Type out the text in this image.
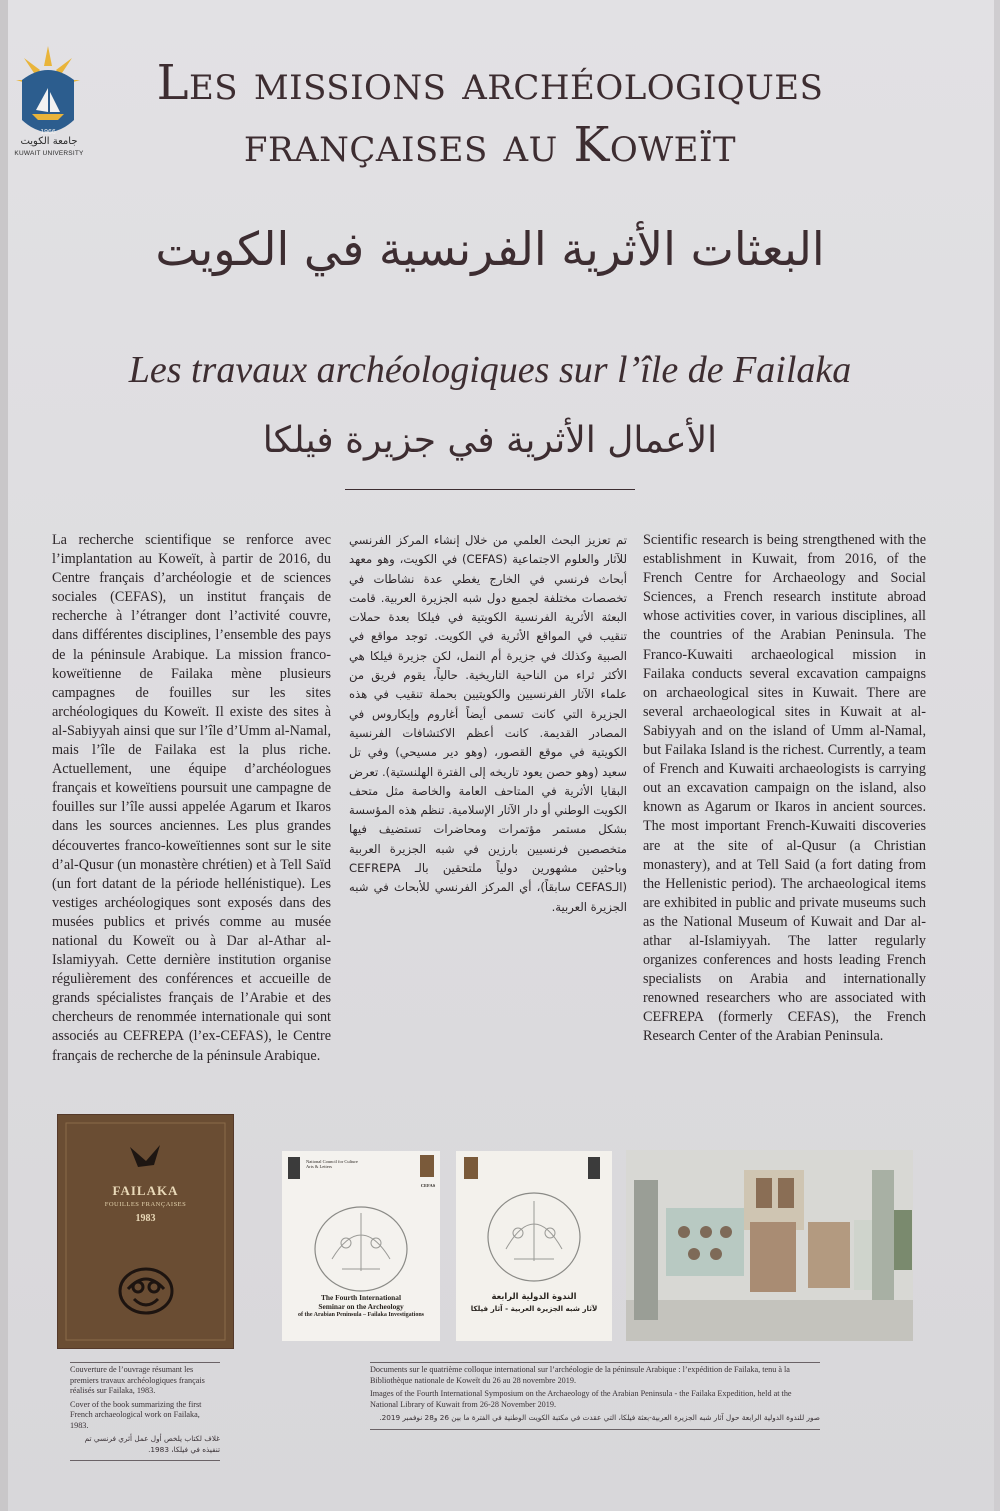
1966
جامعة الكويت
KUWAIT UNIVERSITY
Les missions archéologiques
françaises au Koweït
البعثات الأثرية الفرنسية في الكويت
Les travaux archéologiques sur l’île de Failaka
الأعمال الأثرية في جزيرة فيلكا
La recherche scientifique se renforce avec l’implantation au Koweït, à partir de 2016, du Centre français d’archéologie et de sciences sociales (CEFAS), un institut français de recherche à l’étranger dont l’activité couvre, dans différentes disciplines, l’ensemble des pays de la péninsule Arabique. La mission franco-koweïtienne de Failaka mène plusieurs campagnes de fouilles sur les sites archéologiques du Koweït. Il existe des sites à al-Sabiyyah ainsi que sur l’île d’Umm al-Namal, mais l’île de Failaka est la plus riche. Actuellement, une équipe d’archéologues français et koweïtiens poursuit une campagne de fouilles sur l’île aussi appelée Agarum et Ikaros dans les sources anciennes. Les plus grandes découvertes franco-koweïtiennes sont sur le site d’al-Qusur (un monastère chrétien) et à Tell Saïd (un fort datant de la période hellénistique). Les vestiges archéologiques sont exposés dans des musées publics et privés comme au musée national du Koweït ou à Dar al-Athar al-Islamiyyah. Cette dernière institution organise régulièrement des conférences et accueille de grands spécialistes français de l’Arabie et des chercheurs de renommée internationale qui sont associés au CEFREPA (l’ex-CEFAS), le Centre français de recherche de la péninsule Arabique.
تم تعزيز البحث العلمي من خلال إنشاء المركز الفرنسي للآثار والعلوم الاجتماعية (CEFAS) في الكويت، وهو معهد أبحاث فرنسي في الخارج يغطي عدة نشاطات في تخصصات مختلفة لجميع دول شبه الجزيرة العربية. قامت البعثة الأثرية الفرنسية الكويتية في فيلكا بعدة حملات تنقيب في المواقع الأثرية في الكويت. توجد مواقع في الصبية وكذلك في جزيرة أم النمل، لكن جزيرة فيلكا هي الأكثر ثراء من الناحية التاريخية. حالياً، يقوم فريق من علماء الآثار الفرنسيين والكويتيين بحملة تنقيب في هذه الجزيرة التي كانت تسمى أيضاً أغاروم وإيكاروس في المصادر القديمة. كانت أعظم الاكتشافات الفرنسية الكويتية في موقع القصور، (وهو دير مسيحي) وفي تل سعيد (وهو حصن يعود تاريخه إلى الفترة الهلنستية). تعرض البقايا الأثرية في المتاحف العامة والخاصة مثل متحف الكويت الوطني أو دار الآثار الإسلامية. تنظم هذه المؤسسة بشكل مستمر مؤتمرات ومحاضرات تستضيف فيها متخصصين فرنسيين بارزين في شبه الجزيرة العربية وباحثين مشهورين دولياً ملتحقين بالـ CEFREPA (الـCEFAS سابقاً)، أي المركز الفرنسي للأبحاث في شبه الجزيرة العربية.
Scientific research is being strengthened with the establishment in Kuwait, from 2016, of the French Centre for Archaeology and Social Sciences, a French research institute abroad whose activities cover, in various disciplines, all the countries of the Arabian Peninsula. The Franco-Kuwaiti archaeological mission in Failaka conducts several excavation campaigns on archaeological sites in Kuwait. There are several archaeological sites in Kuwait at al-Sabiyyah and on the island of Umm al-Namal, but Failaka Island is the richest. Currently, a team of French and Kuwaiti archaeologists is carrying out an excavation campaign on the island, also known as Agarum or Ikaros in ancient sources. The most important French-Kuwaiti discoveries are at the site of al-Qusur (a Christian monastery), and at Tell Said (a fort dating from the Hellenistic period). The archaeological items are exhibited in public and private museums such as the National Museum of Kuwait and Dar al-athar al-Islamiyyah. The latter regularly organizes conferences and hosts leading French specialists on Arabia and internationally renowned researchers who are associated with CEFREPA (formerly CEFAS), the French Research Center of the Arabian Peninsula.
FAILAKA
FOUILLES FRANÇAISES
1983
National Council for Culture Arts & Letters
CEFAS
The Fourth International
Seminar on the Archeology
of the Arabian Peninsula – Failaka Investigations
الندوة الدولية الرابعة
لآثار شبه الجزيرة العربية - آثار فيلكا

Couverture de l’ouvrage résumant les premiers travaux archéologiques français réalisés sur Failaka, 1983.

Cover of the book summarizing the first French archaeological work on Failaka, 1983.

غلاف لكتاب يلخص أول عمل أثري فرنسي تم تنفيذه في فيلكا، 1983.

Documents sur le quatrième colloque international sur l’archéologie de la péninsule Arabique : l’expédition de Failaka, tenu à la Bibliothèque nationale de Koweït du 26 au 28 novembre 2019.

Images of the Fourth International Symposium on the Archaeology of the Arabian Peninsula - the Failaka Expedition, held at the National Library of Kuwait from 26-28 November 2019.

صور للندوة الدولية الرابعة حول آثار شبه الجزيرة العربية-بعثة فيلكا، التي عقدت في مكتبة الكويت الوطنية في الفترة ما بين 26 و28 نوفمبر 2019.
